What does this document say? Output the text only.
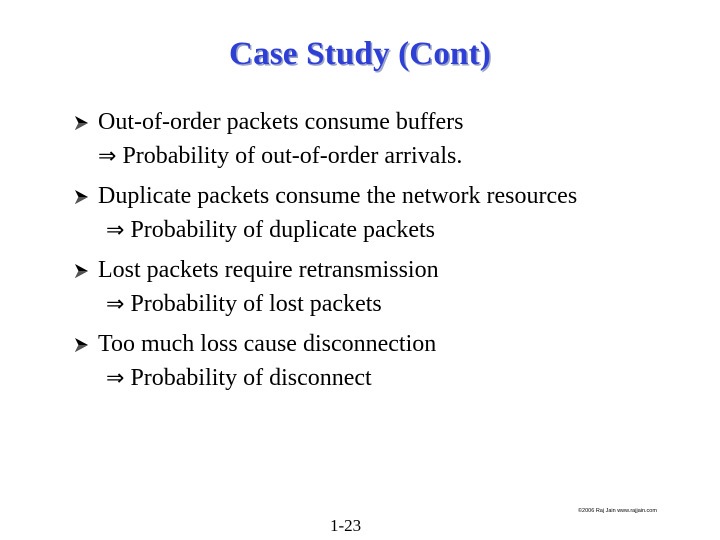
Case Study (Cont)
Out-of-order packets consume buffers
⇒ Probability of out-of-order arrivals.
Duplicate packets consume the network resources
⇒ Probability of duplicate packets
Lost packets require retransmission
⇒ Probability of lost packets
Too much loss cause disconnection
⇒ Probability of disconnect
©2006 Raj Jain www.rajjain.com
1-23
